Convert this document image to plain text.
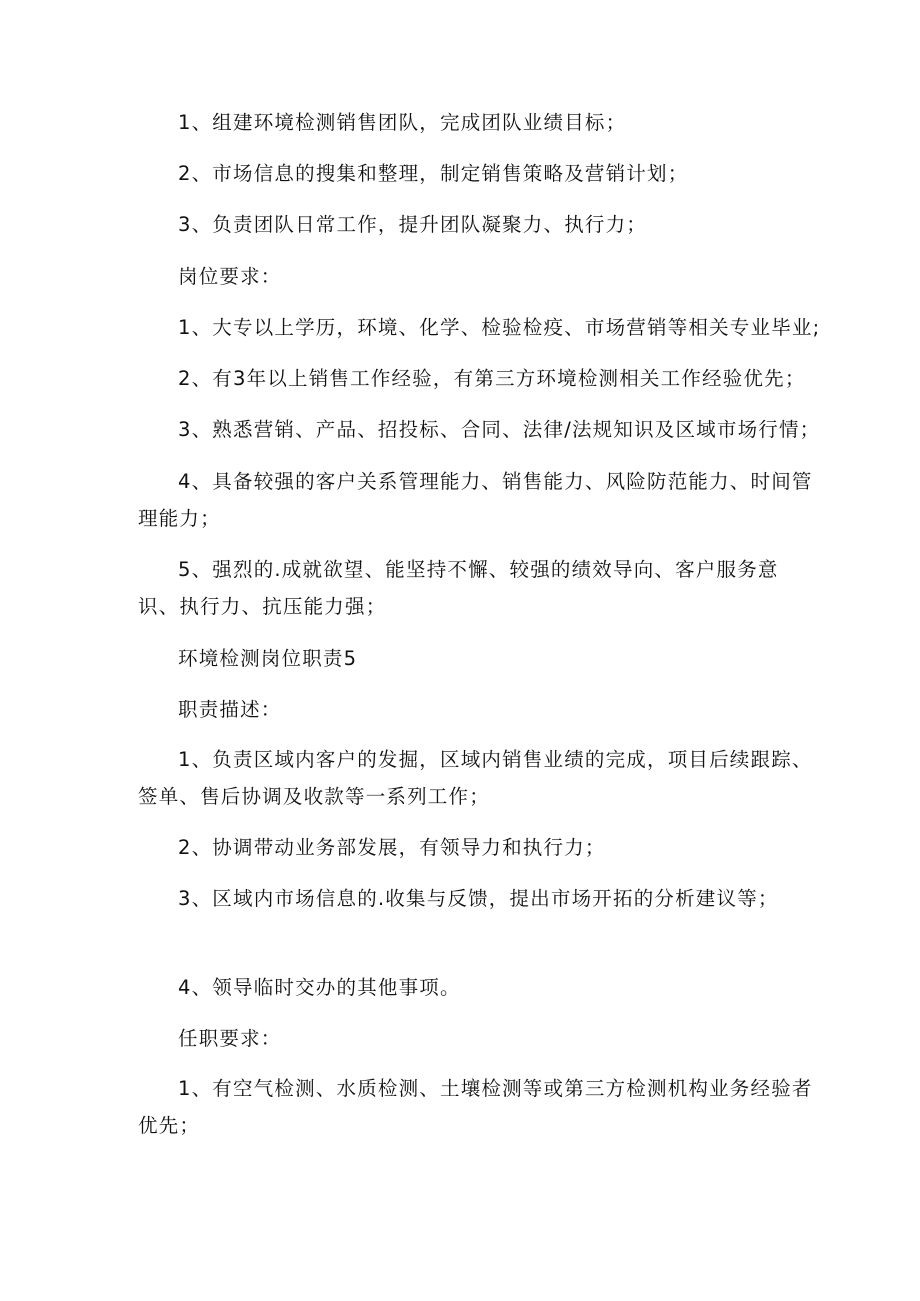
1、组建环境检测销售团队，完成团队业绩目标；

2、市场信息的搜集和整理，制定销售策略及营销计划；

3、负责团队日常工作，提升团队凝聚力、执行力；

岗位要求：

1、大专以上学历，环境、化学、检验检疫、市场营销等相关专业毕业;

2、有3年以上销售工作经验，有第三方环境检测相关工作经验优先；

3、熟悉营销、产品、招投标、合同、法律/法规知识及区域市场行情；

4、具备较强的客户关系管理能力、销售能力、风险防范能力、时间管理能力；

5、强烈的.成就欲望、能坚持不懈、较强的绩效导向、客户服务意识、执行力、抗压能力强；

环境检测岗位职责5

职责描述：

1、负责区域内客户的发掘，区域内销售业绩的完成，项目后续跟踪、签单、售后协调及收款等一系列工作；

2、协调带动业务部发展，有领导力和执行力；

3、区域内市场信息的.收集与反馈，提出市场开拓的分析建议等；

4、领导临时交办的其他事项。

任职要求：

1、有空气检测、水质检测、土壤检测等或第三方检测机构业务经验者优先；
